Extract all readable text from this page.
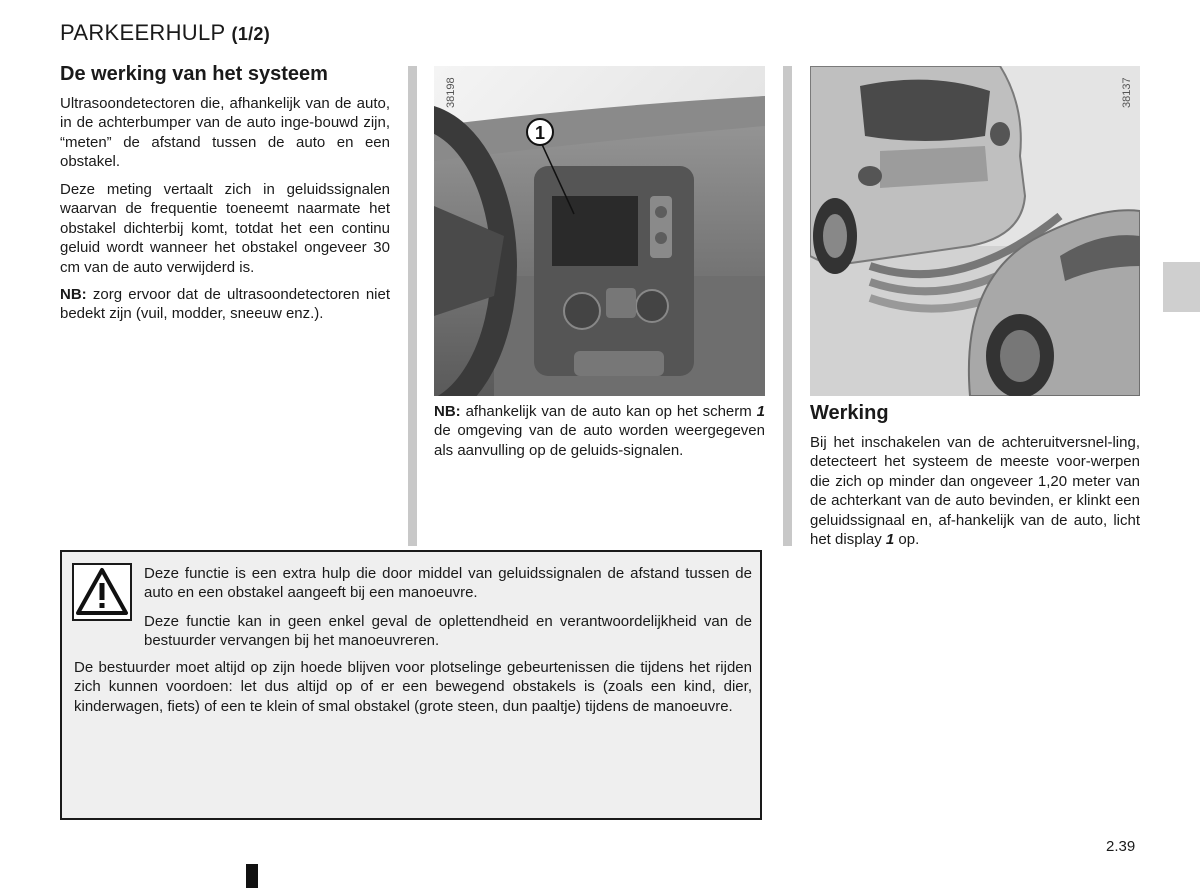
PARKEERHULP (1/2)
De werking van het systeem
Ultrasoondetectoren die, afhankelijk van de auto, in de achterbumper van de auto inge-bouwd zijn, “meten” de afstand tussen de auto en een obstakel.
Deze meting vertaalt zich in geluidssignalen waarvan de frequentie toeneemt naarmate het obstakel dichterbij komt, totdat het een continu geluid wordt wanneer het obstakel ongeveer 30 cm van de auto verwijderd is.
NB: zorg ervoor dat de ultrasoondetectoren niet bedekt zijn (vuil, modder, sneeuw enz.).
1
38198
NB: afhankelijk van de auto kan op het scherm 1 de omgeving van de auto worden weergegeven als aanvulling op de geluids-signalen.
38137
Werking
Bij het inschakelen van de achteruitversnel-ling, detecteert het systeem de meeste voor-werpen die zich op minder dan ongeveer 1,20 meter van de achterkant van de auto bevinden, er klinkt een geluidssignaal en, af-hankelijk van de auto, licht het display 1 op.
Deze functie is een extra hulp die door middel van geluidssignalen de afstand tussen de auto en een obstakel aangeeft bij een manoeuvre.
Deze functie kan in geen enkel geval de oplettendheid en verantwoordelijkheid van de bestuurder vervangen bij het manoeuvreren.
De bestuurder moet altijd op zijn hoede blijven voor plotselinge gebeurtenissen die tijdens het rijden zich kunnen voordoen: let dus altijd op of er een bewegend obstakels is (zoals een kind, dier, kinderwagen, fiets) of een te klein of smal obstakel (grote steen, dun paaltje) tijdens de manoeuvre.
2.39
